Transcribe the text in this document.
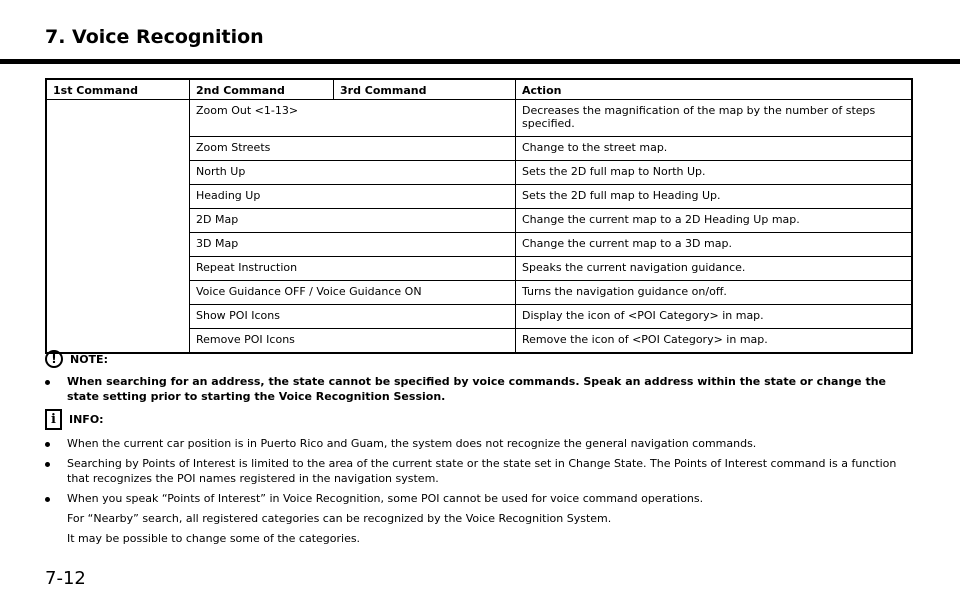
7. Voice Recognition
1st Command	2nd Command	3rd Command	Action
	Zoom Out <1-13>		Decreases the magnification of the map by the number of steps specified.
	Zoom Streets		Change to the street map.
	North Up		Sets the 2D full map to North Up.
	Heading Up		Sets the 2D full map to Heading Up.
	2D Map		Change the current map to a 2D Heading Up map.
	3D Map		Change the current map to a 3D map.
	Repeat Instruction		Speaks the current navigation guidance.
	Voice Guidance OFF / Voice Guidance ON		Turns the navigation guidance on/off.
	Show POI Icons		Display the icon of <POI Category> in map.
	Remove POI Icons		Remove the icon of <POI Category> in map.
!	NOTE:
When searching for an address, the state cannot be specified by voice commands. Speak an address within the state or change the state setting prior to starting the Voice Recognition Session.
i	INFO:
When the current car position is in Puerto Rico and Guam, the system does not recognize the general navigation commands.
Searching by Points of Interest is limited to the area of the current state or the state set in Change State. The Points of Interest command is a function that recognizes the POI names registered in the navigation system.
When you speak “Points of Interest” in Voice Recognition, some POI cannot be used for voice command operations.
For “Nearby” search, all registered categories can be recognized by the Voice Recognition System.
It may be possible to change some of the categories.
7-12
